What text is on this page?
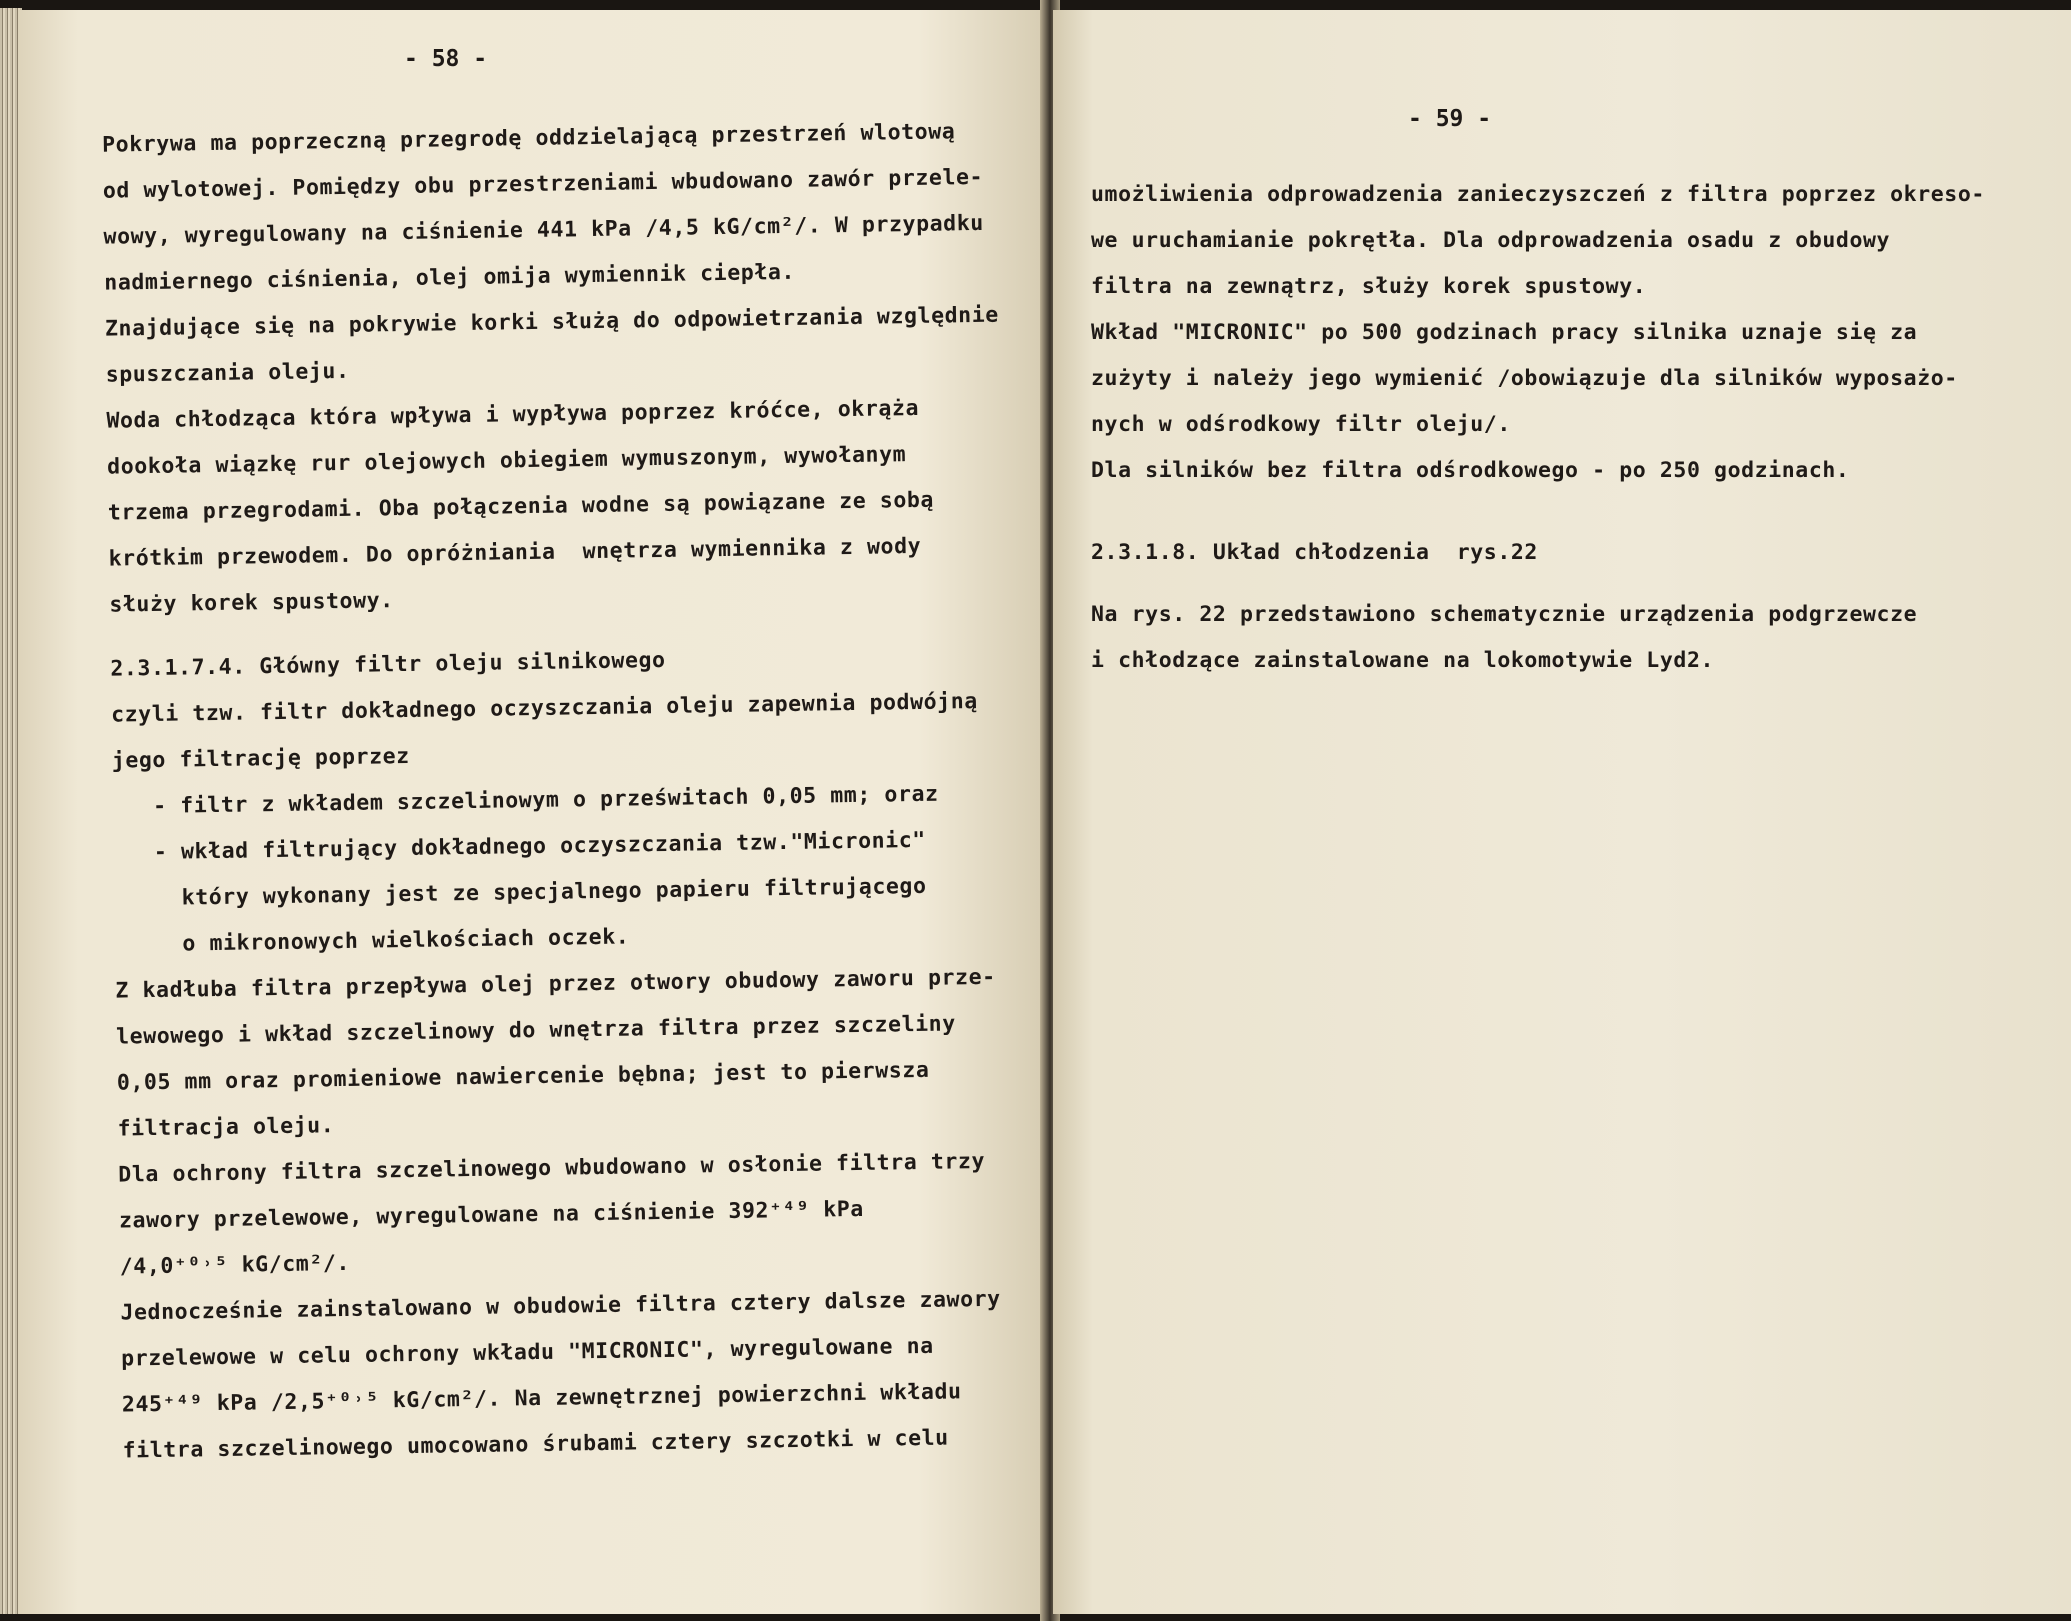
- 58 -
Pokrywa ma poprzeczną przegrodę oddzielającą przestrzeń wlotową
od wylotowej. Pomiędzy obu przestrzeniami wbudowano zawór przele-
wowy, wyregulowany na ciśnienie 441 kPa /4,5 kG/cm²/. W przypadku
nadmiernego ciśnienia, olej omija wymiennik ciepła.
Znajdujące się na pokrywie korki służą do odpowietrzania względnie
spuszczania oleju.
Woda chłodząca która wpływa i wypływa poprzez króćce, okrąża
dookoła wiązkę rur olejowych obiegiem wymuszonym, wywołanym
trzema przegrodami. Oba połączenia wodne są powiązane ze sobą
krótkim przewodem. Do opróżniania  wnętrza wymiennika z wody
służy korek spustowy.
2.3.1.7.4. Główny filtr oleju silnikowego
czyli tzw. filtr dokładnego oczyszczania oleju zapewnia podwójną
jego filtrację poprzez
- filtr z wkładem szczelinowym o prześwitach 0,05 mm; oraz
- wkład filtrujący dokładnego oczyszczania tzw."Micronic"
który wykonany jest ze specjalnego papieru filtrującego
o mikronowych wielkościach oczek.
Z kadłuba filtra przepływa olej przez otwory obudowy zaworu prze-
lewowego i wkład szczelinowy do wnętrza filtra przez szczeliny
0,05 mm oraz promieniowe nawiercenie bębna; jest to pierwsza
filtracja oleju.
Dla ochrony filtra szczelinowego wbudowano w osłonie filtra trzy
zawory przelewowe, wyregulowane na ciśnienie 392⁺⁴⁹ kPa
/4,0⁺⁰˒⁵ kG/cm²/.
Jednocześnie zainstalowano w obudowie filtra cztery dalsze zawory
przelewowe w celu ochrony wkładu "MICRONIC", wyregulowane na
245⁺⁴⁹ kPa /2,5⁺⁰˒⁵ kG/cm²/. Na zewnętrznej powierzchni wkładu
filtra szczelinowego umocowano śrubami cztery szczotki w celu
- 59 -
umożliwienia odprowadzenia zanieczyszczeń z filtra poprzez okreso-
we uruchamianie pokrętła. Dla odprowadzenia osadu z obudowy
filtra na zewnątrz, służy korek spustowy.
Wkład "MICRONIC" po 500 godzinach pracy silnika uznaje się za
zużyty i należy jego wymienić /obowiązuje dla silników wyposażo-
nych w odśrodkowy filtr oleju/.
Dla silników bez filtra odśrodkowego - po 250 godzinach.
2.3.1.8. Układ chłodzenia  rys.22
Na rys. 22 przedstawiono schematycznie urządzenia podgrzewcze
i chłodzące zainstalowane na lokomotywie Lyd2.
